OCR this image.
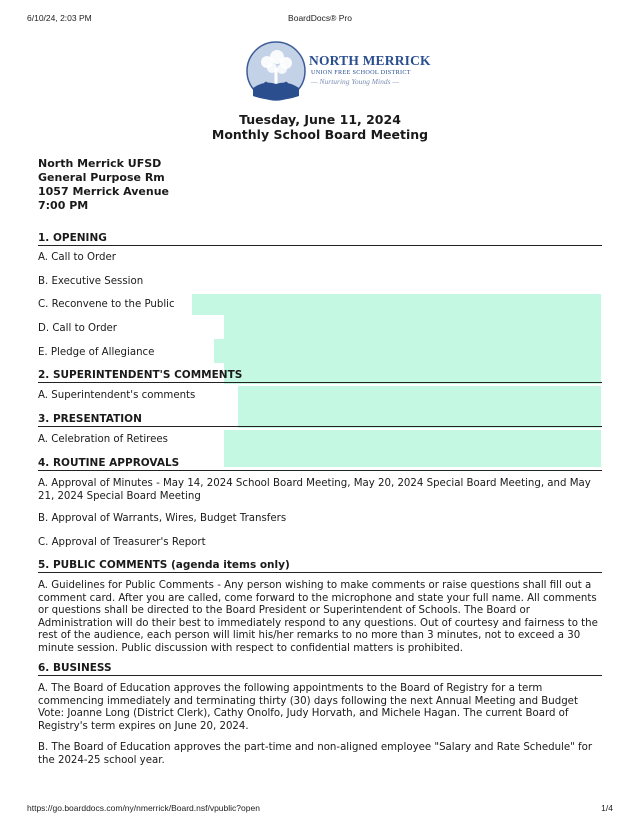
6/10/24, 2:03 PM	BoardDocs® Pro
NORTH MERRICK
UNION FREE SCHOOL DISTRICT
— Nurturing Young Minds —
Tuesday, June 11, 2024
Monthly School Board Meeting
North Merrick UFSD
General Purpose Rm
1057 Merrick Avenue
7:00 PM
1. OPENING
A. Call to Order
B. Executive Session
C. Reconvene to the Public
D. Call to Order
E. Pledge of Allegiance
2. SUPERINTENDENT'S COMMENTS
A. Superintendent's comments
3. PRESENTATION
A. Celebration of Retirees
4. ROUTINE APPROVALS
A. Approval of Minutes - May 14, 2024 School Board Meeting, May 20, 2024 Special Board Meeting, and May 21, 2024 Special Board Meeting
B. Approval of Warrants, Wires, Budget Transfers
C. Approval of Treasurer's Report
5. PUBLIC COMMENTS (agenda items only)
A. Guidelines for Public Comments - Any person wishing to make comments or raise questions shall fill out a comment card. After you are called, come forward to the microphone and state your full name. All comments or questions shall be directed to the Board President or Superintendent of Schools. The Board or Administration will do their best to immediately respond to any questions. Out of courtesy and fairness to the rest of the audience, each person will limit his/her remarks to no more than 3 minutes, not to exceed a 30 minute session. Public discussion with respect to confidential matters is prohibited.
6. BUSINESS
A. The Board of Education approves the following appointments to the Board of Registry for a term commencing immediately and terminating thirty (30) days following the next Annual Meeting and Budget Vote: Joanne Long (District Clerk), Cathy Onolfo, Judy Horvath, and Michele Hagan. The current Board of Registry's term expires on June 20, 2024.
B. The Board of Education approves the part-time and non-aligned employee "Salary and Rate Schedule" for the 2024-25 school year.
https://go.boarddocs.com/ny/nmerrick/Board.nsf/vpublic?open	1/4
